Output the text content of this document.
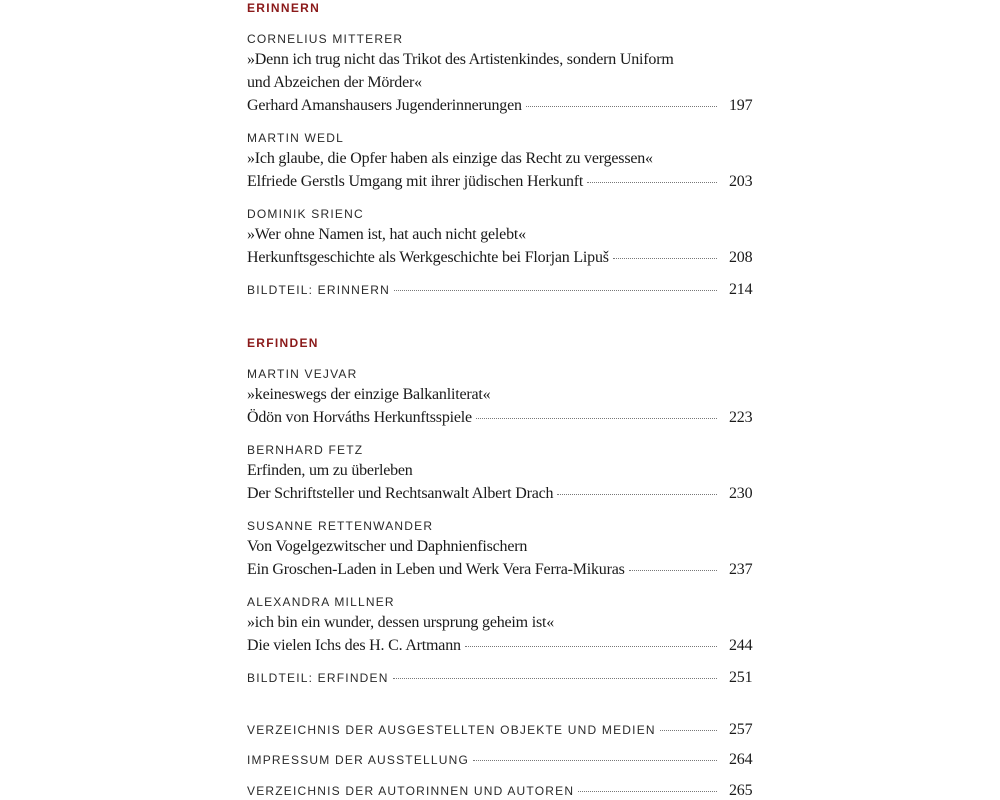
ERINNERN
CORNELIUS MITTERER
»Denn ich trug nicht das Trikot des Artistenkindes, sondern Uniform
und Abzeichen der Mörder«
Gerhard Amanshausers Jugenderinnerungen	197
MARTIN WEDL
»Ich glaube, die Opfer haben als einzige das Recht zu vergessen«
Elfriede Gerstls Umgang mit ihrer jüdischen Herkunft	203
DOMINIK SRIENC
»Wer ohne Namen ist, hat auch nicht gelebt«
Herkunftsgeschichte als Werkgeschichte bei Florjan Lipuš	208
BILDTEIL: ERINNERN	214
ERFINDEN
MARTIN VEJVAR
»keineswegs der einzige Balkanliterat«
Ödön von Horváths Herkunftsspiele	223
BERNHARD FETZ
Erfinden, um zu überleben
Der Schriftsteller und Rechtsanwalt Albert Drach	230
SUSANNE RETTENWANDER
Von Vogelgezwitscher und Daphnienfischern
Ein Groschen-Laden in Leben und Werk Vera Ferra-Mikuras	237
ALEXANDRA MILLNER
»ich bin ein wunder, dessen ursprung geheim ist«
Die vielen Ichs des H. C. Artmann	244
BILDTEIL: ERFINDEN	251
VERZEICHNIS DER AUSGESTELLTEN OBJEKTE UND MEDIEN	257
IMPRESSUM DER AUSSTELLUNG	264
VERZEICHNIS DER AUTORINNEN UND AUTOREN	265
